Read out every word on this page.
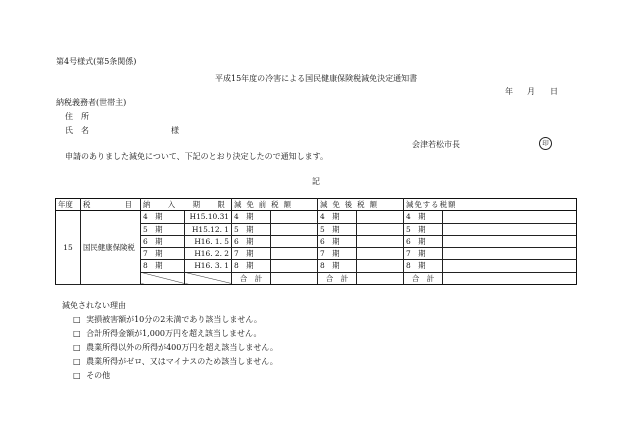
第4号様式(第5条関係)
平成15年度の冷害による国民健康保険税減免決定通知書
年 月 日
納税義務者(世帯主)
住　所
氏　名	様
会津若松市長	印
申請のありました減免について、下記のとおり決定したので通知します。
記
年度	税　　　目	納　入　期　限		減免前税額		減免後税額		減免する税額	
15	国民健康保険税	4　期	H15.10.31	4　期		4　期		4　期		
		5　期	H15.12. 1	5　期		5　期		5　期		
		6　期	H16. 1. 5	6　期		6　期		6　期		
		7　期	H16. 2. 2	7　期		7　期		7　期		
		8　期	H16. 3. 1	8　期		8　期		8　期		
				合　計		合　計		合　計		
減免されない理由
□ 実損被害額が10分の2未満であり該当しません。
□ 合計所得金額が1,000万円を超え該当しません。
□ 農業所得以外の所得が400万円を超え該当しません。
□ 農業所得がゼロ、又はマイナスのため該当しません。
□ その他
